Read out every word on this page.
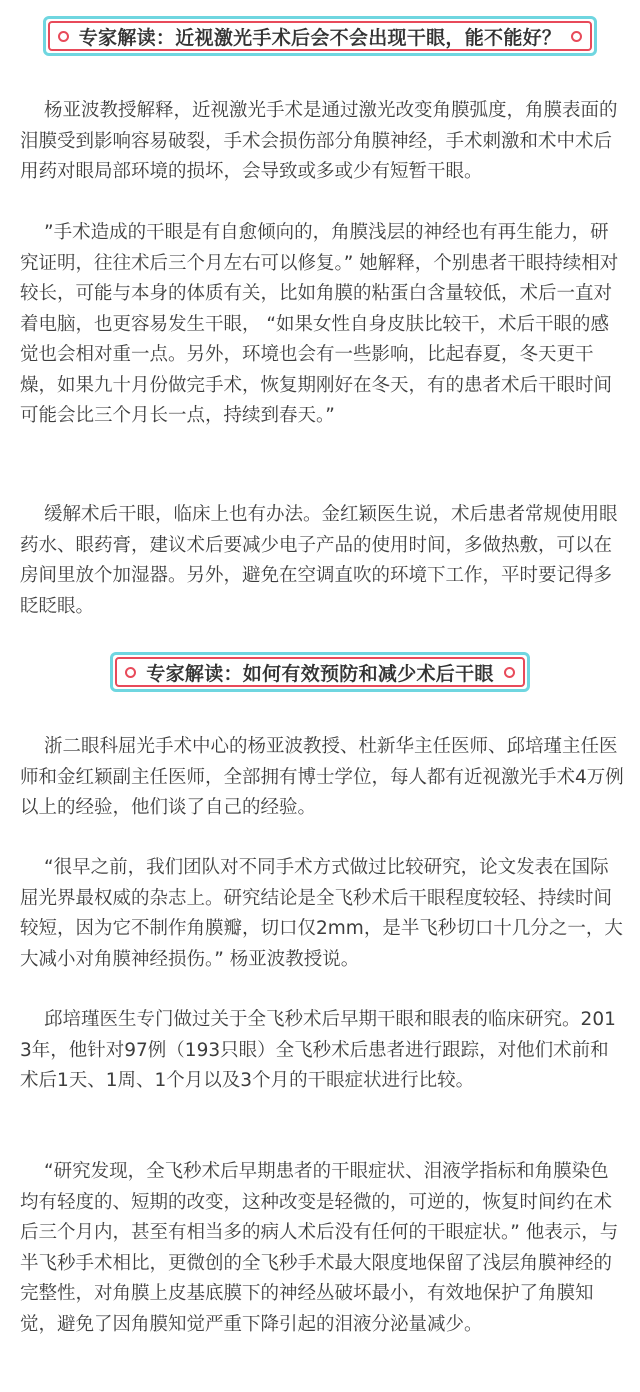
专家解读：近视激光手术后会不会出现干眼，能不能好？

杨亚波教授解释，近视激光手术是通过激光改变角膜弧度，角膜表面的泪膜受到影响容易破裂，手术会损伤部分角膜神经，手术刺激和术中术后用药对眼局部环境的损坏，会导致或多或少有短暂干眼。

”手术造成的干眼是有自愈倾向的，角膜浅层的神经也有再生能力，研究证明，往往术后三个月左右可以修复。” 她解释，个别患者干眼持续相对较长，可能与本身的体质有关，比如角膜的粘蛋白含量较低，术后一直对着电脑，也更容易发生干眼， “如果女性自身皮肤比较干，术后干眼的感觉也会相对重一点。另外，环境也会有一些影响，比起春夏，冬天更干燥，如果九十月份做完手术，恢复期刚好在冬天，有的患者术后干眼时间可能会比三个月长一点，持续到春天。”

缓解术后干眼，临床上也有办法。金红颖医生说，术后患者常规使用眼药水、眼药膏，建议术后要减少电子产品的使用时间，多做热敷，可以在房间里放个加湿器。另外，避免在空调直吹的环境下工作，平时要记得多眨眨眼。

专家解读：如何有效预防和减少术后干眼

浙二眼科屈光手术中心的杨亚波教授、杜新华主任医师、邱培瑾主任医师和金红颖副主任医师，全部拥有博士学位，每人都有近视激光手术4万例以上的经验，他们谈了自己的经验。

“很早之前，我们团队对不同手术方式做过比较研究，论文发表在国际屈光界最权威的杂志上。研究结论是全飞秒术后干眼程度较轻、持续时间较短，因为它不制作角膜瓣，切口仅2mm，是半飞秒切口十几分之一，大大减小对角膜神经损伤。” 杨亚波教授说。

邱培瑾医生专门做过关于全飞秒术后早期干眼和眼表的临床研究。2013年，他针对97例（193只眼）全飞秒术后患者进行跟踪，对他们术前和术后1天、1周、1个月以及3个月的干眼症状进行比较。

“研究发现，全飞秒术后早期患者的干眼症状、泪液学指标和角膜染色均有轻度的、短期的改变，这种改变是轻微的，可逆的，恢复时间约在术后三个月内，甚至有相当多的病人术后没有任何的干眼症状。” 他表示，与半飞秒手术相比，更微创的全飞秒手术最大限度地保留了浅层角膜神经的完整性，对角膜上皮基底膜下的神经丛破坏最小，有效地保护了角膜知觉，避免了因角膜知觉严重下降引起的泪液分泌量减少。
